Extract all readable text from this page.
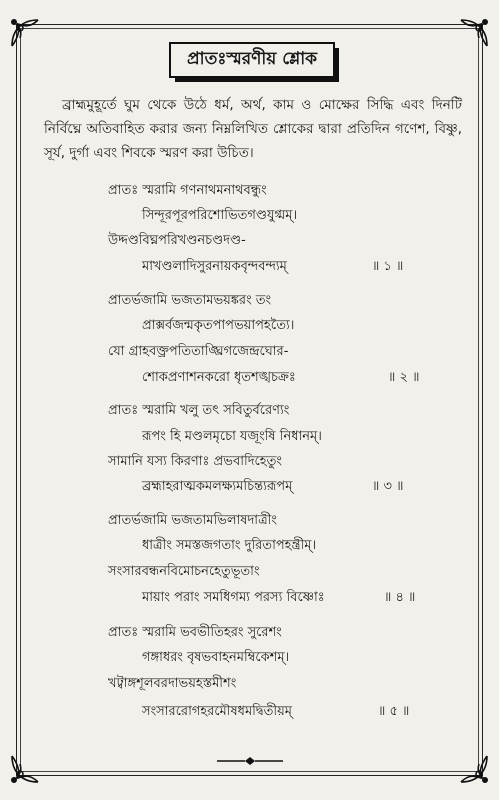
প্রাতঃস্মরণীয় শ্লোক

ব্রাহ্মমুহূর্তে ঘুম থেকে উঠে ধর্ম, অর্থ, কাম ও মোক্ষের সিদ্ধি এবং দিনটি নির্বিঘ্নে অতিবাহিত করার জন্য নিম্নলিখিত শ্লোকের দ্বারা প্রতিদিন গণেশ, বিষ্ণু, সূর্য, দুর্গা এবং শিবকে স্মরণ করা উচিত।

প্রাতঃ স্মরামি গণনাথমনাথবন্ধুং
সিন্দূরপূরপরিশোভিতগণ্ডযুগ্মম্।
উদ্দণ্ডবিঘ্নপরিখণ্ডনচণ্ডদণ্ড-
মাখণ্ডলাদিসুরনায়কবৃন্দবন্দ্যম্	॥ ১ ॥
প্রাতর্ভজামি ভজতামভয়ঙ্করং তং
প্রাক্সর্বজন্মকৃতপাপভয়াপহত্যৈ।
যো গ্রাহবক্ত্রপতিতাঙ্ঘ্রিগজেন্দ্রঘোর-
শোকপ্রণাশনকরো ধৃতশঙ্খচক্রঃ	॥ ২ ॥
প্রাতঃ স্মরামি খলু তৎ সবিতুর্বরেণ্যং
রূপং হি মণ্ডলমৃচো যজূংষি নিধানম্।
সামানি যস্য কিরণাঃ প্রভবাদিহেতুং
ব্রহ্মাহরাত্মকমলক্ষ্যমচিন্ত্যরূপম্	॥ ৩ ॥
প্রাতর্ভজামি ভজতামভিলাষদাত্রীং
ধাত্রীং সমস্তজগতাং দুরিতাপহন্ত্রীম্।
সংসারবন্ধনবিমোচনহেতুভূতাং
মায়াং পরাং সমধিগম্য পরস্য বিষ্ণোঃ	॥ ৪ ॥
প্রাতঃ স্মরামি ভবভীতিহরং সুরেশং
গঙ্গাধরং বৃষভবাহনমম্বিকেশম্।
খট্বাঙ্গশূলবরদাভয়হস্তমীশং
সংসাররোগহরমৌষধমদ্বিতীয়ম্	॥ ৫ ॥
